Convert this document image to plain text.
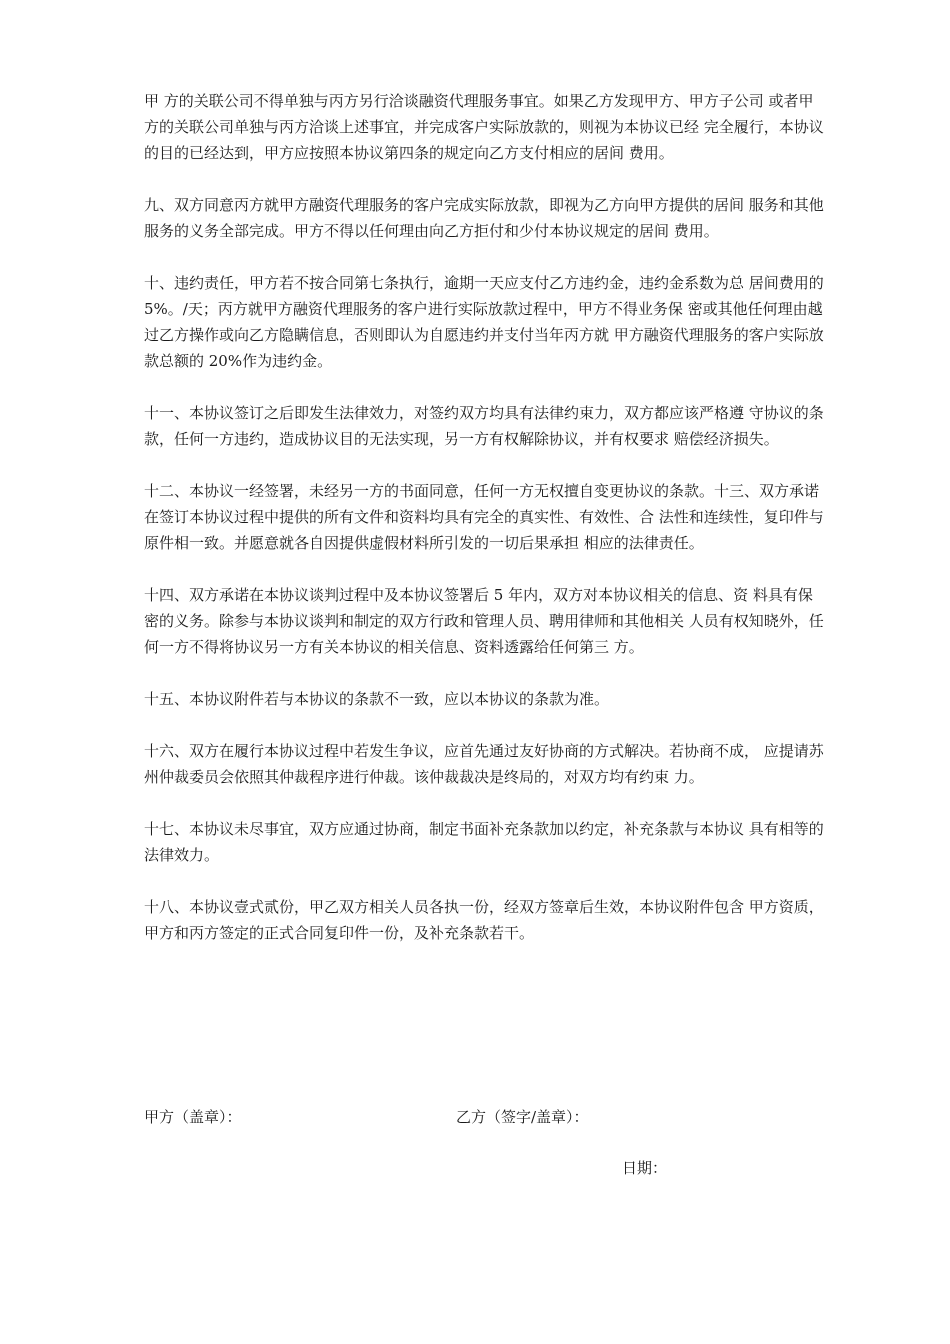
甲 方的关联公司不得单独与丙方另行洽谈融资代理服务事宜。如果乙方发现甲方、甲方子公司 或者甲方的关联公司单独与丙方洽谈上述事宜，并完成客户实际放款的，则视为本协议已经 完全履行，本协议的目的已经达到，甲方应按照本协议第四条的规定向乙方支付相应的居间 费用。

九、双方同意丙方就甲方融资代理服务的客户完成实际放款，即视为乙方向甲方提供的居间 服务和其他服务的义务全部完成。甲方不得以任何理由向乙方拒付和少付本协议规定的居间 费用。

十、违约责任，甲方若不按合同第七条执行，逾期一天应支付乙方违约金，违约金系数为总 居间费用的 5%。/天；丙方就甲方融资代理服务的客户进行实际放款过程中，甲方不得业务保 密或其他任何理由越过乙方操作或向乙方隐瞒信息，否则即认为自愿违约并支付当年丙方就 甲方融资代理服务的客户实际放款总额的 20%作为违约金。

十一、本协议签订之后即发生法律效力，对签约双方均具有法律约束力，双方都应该严格遵 守协议的条款，任何一方违约，造成协议目的无法实现，另一方有权解除协议，并有权要求 赔偿经济损失。

十二、本协议一经签署，未经另一方的书面同意，任何一方无权擅自变更协议的条款。十三、双方承诺在签订本协议过程中提供的所有文件和资料均具有完全的真实性、有效性、合 法性和连续性，复印件与原件相一致。并愿意就各自因提供虚假材料所引发的一切后果承担 相应的法律责任。

十四、双方承诺在本协议谈判过程中及本协议签署后 5 年内，双方对本协议相关的信息、资 料具有保密的义务。除参与本协议谈判和制定的双方行政和管理人员、聘用律师和其他相关 人员有权知晓外，任何一方不得将协议另一方有关本协议的相关信息、资料透露给任何第三 方。

十五、本协议附件若与本协议的条款不一致，应以本协议的条款为准。

十六、双方在履行本协议过程中若发生争议，应首先通过友好协商的方式解决。若协商不成， 应提请苏州仲裁委员会依照其仲裁程序进行仲裁。该仲裁裁决是终局的，对双方均有约束 力。

十七、本协议未尽事宜，双方应通过协商，制定书面补充条款加以约定，补充条款与本协议 具有相等的法律效力。

十八、本协议壹式贰份，甲乙双方相关人员各执一份，经双方签章后生效，本协议附件包含 甲方资质，甲方和丙方签定的正式合同复印件一份，及补充条款若干。

甲方（盖章）：	乙方（签字/盖章）：
日期：
